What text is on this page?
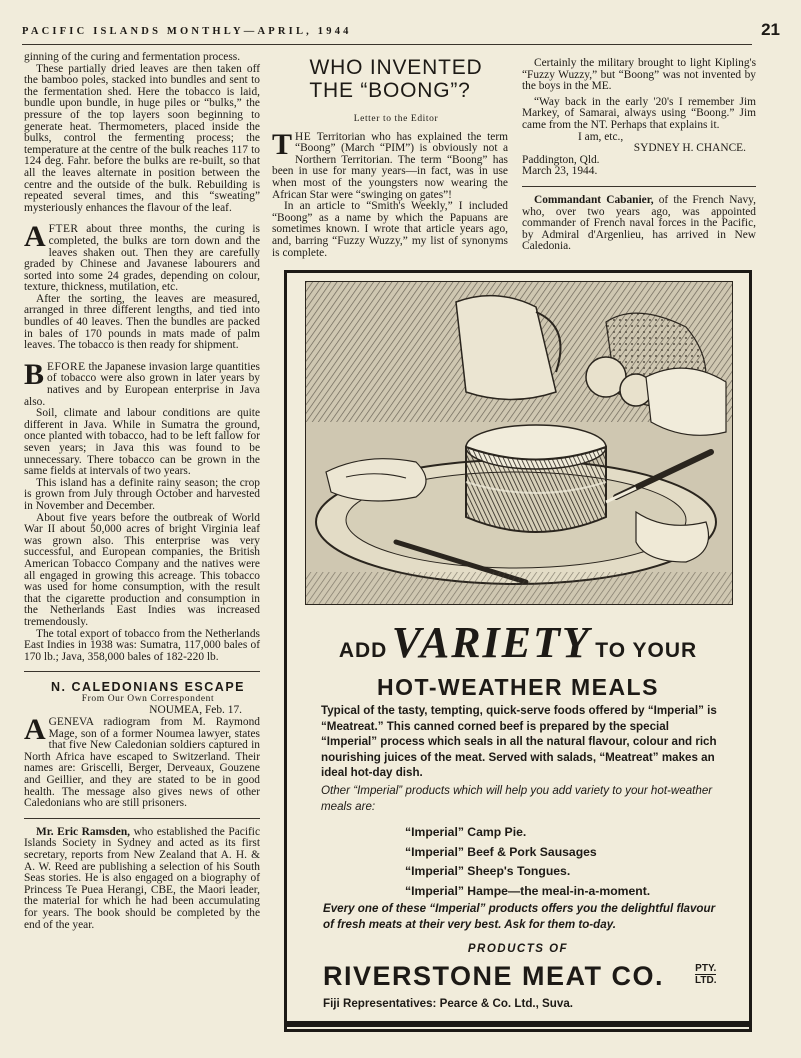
PACIFIC ISLANDS MONTHLY—APRIL, 1944	21

ginning of the curing and fermentation process.

These partially dried leaves are then taken off the bamboo poles, stacked into bundles and sent to the fermentation shed. Here the tobacco is laid, bundle upon bundle, in huge piles or “bulks,” the pressure of the top layers soon beginning to generate heat. Thermometers, placed inside the bulks, control the fermenting process; the temperature at the centre of the bulk reaches 117 to 124 deg. Fahr. before the bulks are re-built, so that all the leaves alternate in position between the centre and the outside of the bulk. Rebuilding is repeated several times, and this “sweating” mysteriously enhances the flavour of the leaf.

AFTER about three months, the curing is completed, the bulks are torn down and the leaves shaken out. Then they are carefully graded by Chinese and Javanese labourers and sorted into some 24 grades, depending on colour, texture, thickness, mutilation, etc.

After the sorting, the leaves are measured, arranged in three different lengths, and tied into bundles of 40 leaves. Then the bundles are packed in bales of 170 pounds in mats made of palm leaves. The tobacco is then ready for shipment.

BEFORE the Japanese invasion large quantities of tobacco were also grown in later years by natives and by European enterprise in Java also.

Soil, climate and labour conditions are quite different in Java. While in Sumatra the ground, once planted with tobacco, had to be left fallow for seven years; in Java this was found to be unnecessary. There tobacco can be grown in the same fields at intervals of two years.

This island has a definite rainy season; the crop is grown from July through October and harvested in November and December.

About five years before the outbreak of World War II about 50,000 acres of bright Virginia leaf was grown also. This enterprise was very successful, and European companies, the British American Tobacco Company and the natives were all engaged in growing this acreage. This tobacco was used for home consumption, with the result that the cigarette production and consumption in the Netherlands East Indies was increased tremendously.

The total export of tobacco from the Netherlands East Indies in 1938 was: Sumatra, 117,000 bales of 170 lb.; Java, 358,000 bales of 182-220 lb.

N. CALEDONIANS ESCAPE

From Our Own Correspondent

NOUMEA, Feb. 17.

A GENEVA radiogram from M. Raymond Mage, son of a former Noumea lawyer, states that five New Caledonian soldiers captured in North Africa have escaped to Switzerland. Their names are: Griscelli, Berger, Derveaux, Gouzene and Geillier, and they are stated to be in good health. The message also gives news of other Caledonians who are still prisoners.

Mr. Eric Ramsden, who established the Pacific Islands Society in Sydney and acted as its first secretary, reports from New Zealand that A. H. & A. W. Reed are publishing a selection of his South Seas stories. He is also engaged on a biography of Princess Te Puea Herangi, CBE, the Maori leader, the material for which he had been accumulating for years. The book should be completed by the end of the year.

WHO INVENTED THE “BOONG”?

Letter to the Editor

THE Territorian who has explained the term “Boong” (March “PIM”) is obviously not a Northern Territorian. The term “Boong” has been in use for many years—in fact, was in use when most of the youngsters now wearing the African Star were “swinging on gates”!

In an article to “Smith's Weekly,” I included “Boong” as a name by which the Papuans are sometimes known. I wrote that article years ago, and, barring “Fuzzy Wuzzy,” my list of synonyms is complete.

Certainly the military brought to light Kipling's “Fuzzy Wuzzy,” but “Boong” was not invented by the boys in the ME.

“Way back in the early '20's I remember Jim Markey, of Samarai, always using “Boong.” Jim came from the NT. Perhaps that explains it.

I am, etc.,

SYDNEY H. CHANCE.

Paddington, Qld.

March 23, 1944.

Commandant Cabanier, of the French Navy, who, over two years ago, was appointed commander of French naval forces in the Pacific, by Admiral d'Argenlieu, has arrived in New Caledonia.

ADD VARIETY TO YOUR
HOT-WEATHER MEALS
Typical of the tasty, tempting, quick-serve foods offered by “Imperial” is “Meatreat.” This canned corned beef is prepared by the special “Imperial” process which seals in all the natural flavour, colour and rich nourishing juices of the meat. Served with salads, “Meatreat” makes an ideal hot-day dish.
Other “Imperial” products which will help you add variety to your hot-weather meals are:
“Imperial” Camp Pie.
“Imperial” Beef & Pork Sausages
“Imperial” Sheep's Tongues.
“Imperial” Hampe—the meal-in-a-moment.
Every one of these “Imperial” products offers you the delightful flavour of fresh meats at their very best. Ask for them to-day.
PRODUCTS OF
RIVERSTONE MEAT CO.	PTY.
LTD.
Fiji Representatives: Pearce & Co. Ltd., Suva.
